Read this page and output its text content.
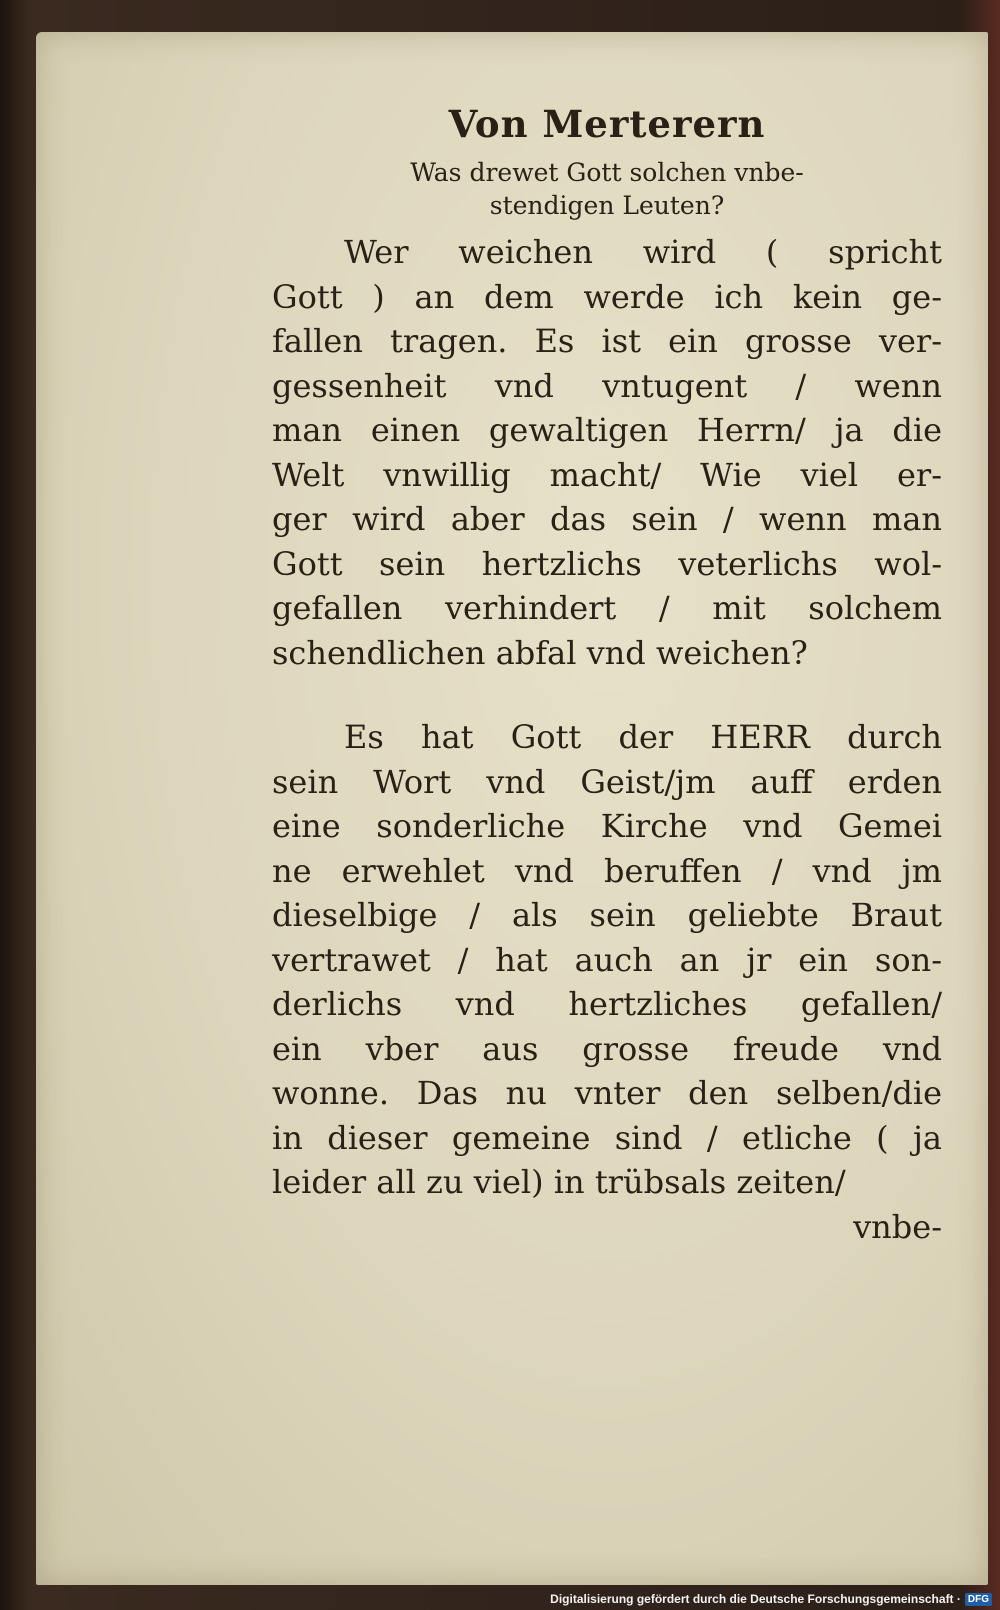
Von Merterern
Was drewet Gott solchen vnbe-
stendigen Leuten?

Wer weichen wird ( spricht
Gott ) an dem werde ich kein ge-
fallen tragen. Es ist ein grosse ver-
gessenheit vnd vntugent / wenn
man einen gewaltigen Herrn/ ja die
Welt vnwillig macht/ Wie viel er-
ger wird aber das sein / wenn man
Gott sein hertzlichs veterlichs wol-
gefallen verhindert / mit solchem
schendlichen abfal vnd weichen?

Es hat Gott der HERR durch
sein Wort vnd Geist/jm auff erden
eine sonderliche Kirche vnd Gemei
ne erwehlet vnd beruffen / vnd jm
dieselbige / als sein geliebte Braut
vertrawet / hat auch an jr ein son-
derlichs vnd hertzliches gefallen/
ein vber aus grosse freude vnd
wonne. Das nu vnter den selben/die
in dieser gemeine sind / etliche ( ja
leider all zu viel) in trübsals zeiten/

vnbe-

Digitalisierung gefördert durch die Deutsche Forschungsgemeinschaft · DFG
